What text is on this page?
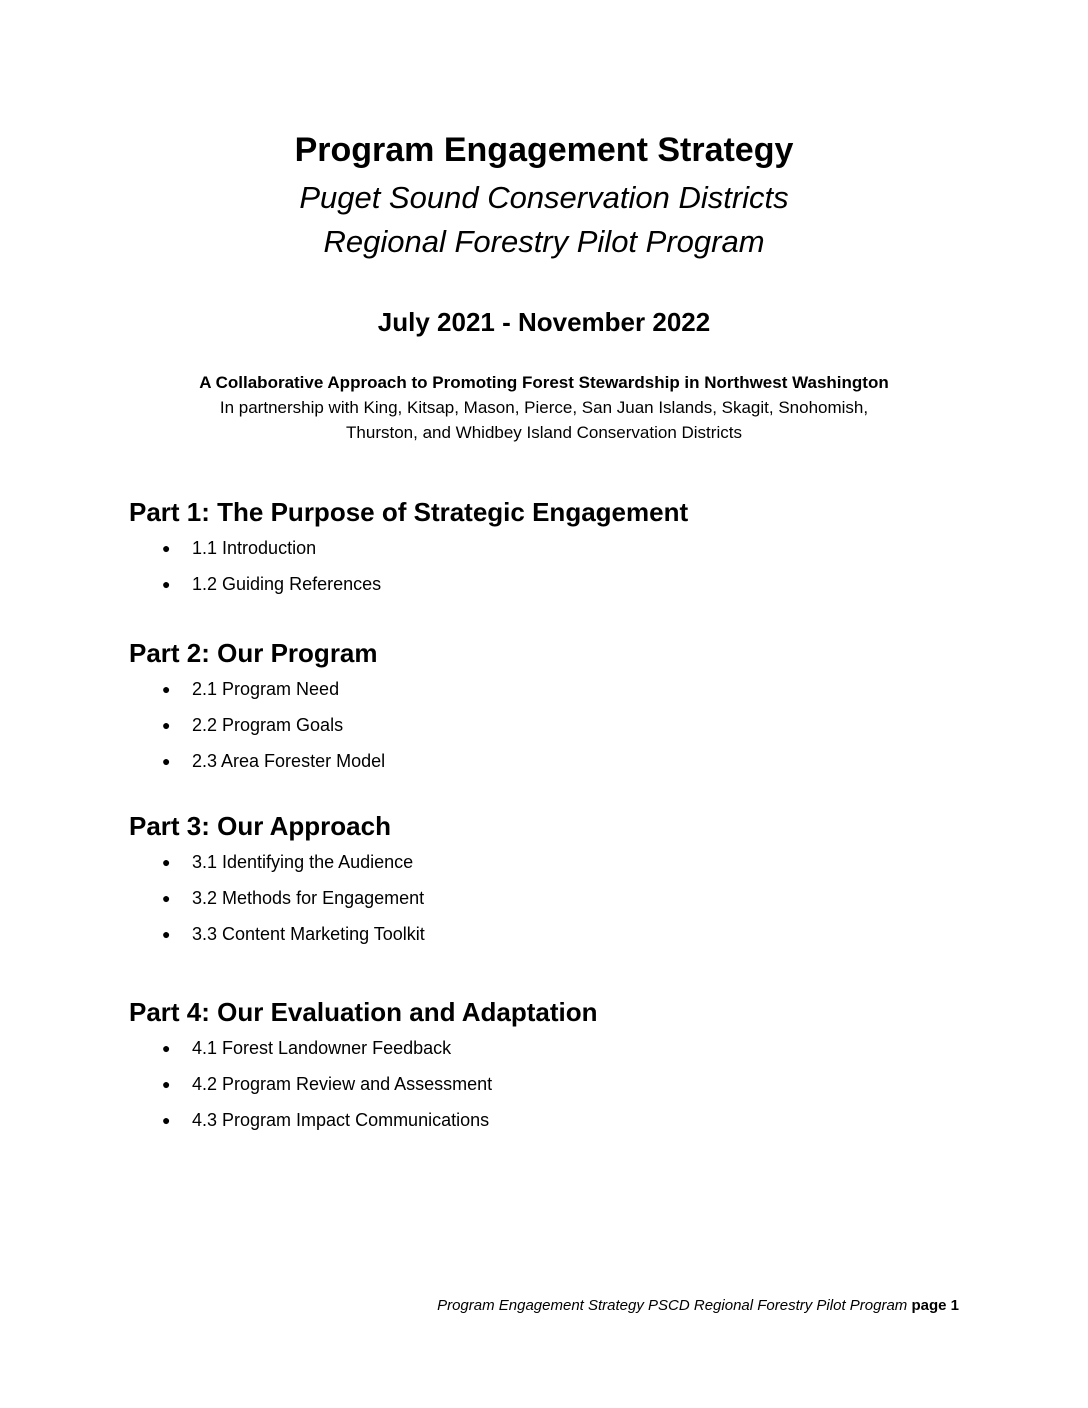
Program Engagement Strategy
Puget Sound Conservation Districts
Regional Forestry Pilot Program
July 2021 - November 2022
A Collaborative Approach to Promoting Forest Stewardship in Northwest Washington
In partnership with King, Kitsap, Mason, Pierce, San Juan Islands, Skagit, Snohomish,
Thurston, and Whidbey Island Conservation Districts
Part 1: The Purpose of Strategic Engagement
● 1.1 Introduction
● 1.2 Guiding References
Part 2: Our Program
● 2.1 Program Need
● 2.2 Program Goals
● 2.3 Area Forester Model
Part 3: Our Approach
● 3.1 Identifying the Audience
● 3.2 Methods for Engagement
● 3.3 Content Marketing Toolkit
Part 4: Our Evaluation and Adaptation
● 4.1 Forest Landowner Feedback
● 4.2 Program Review and Assessment
● 4.3 Program Impact Communications
Program Engagement Strategy PSCD Regional Forestry Pilot Program page 1
